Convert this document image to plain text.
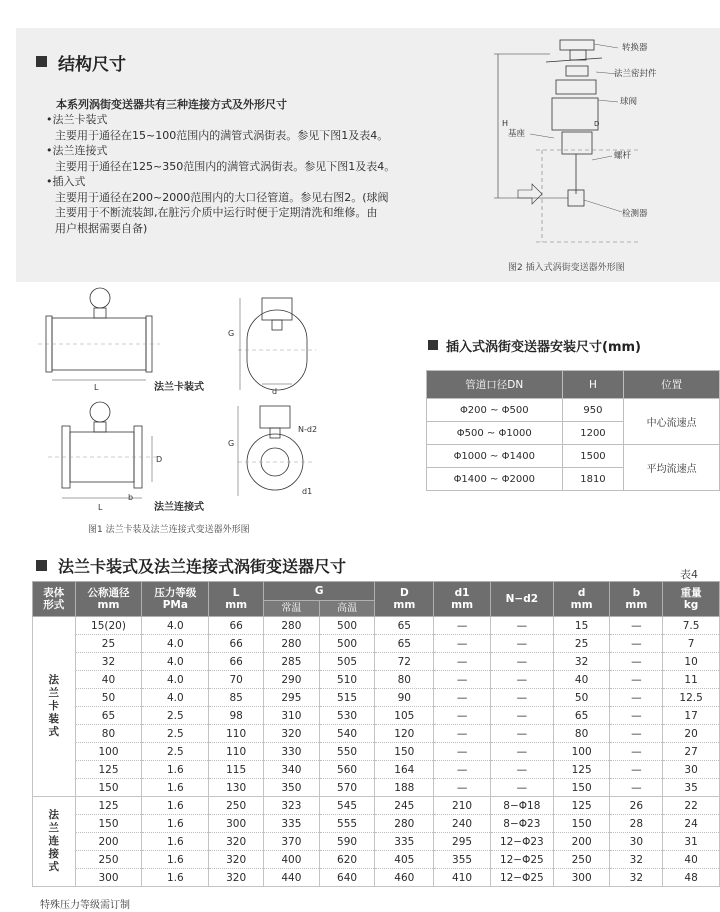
结构尺寸
本系列涡街变送器共有三种连接方式及外形尺寸
•法兰卡装式
主要用于通径在15~100范围内的满管式涡街表。参见下图1及表4。
•法兰连接式
主要用于通径在125~350范围内的满管式涡街表。参见下图1及表4。
•插入式
主要用于通径在200~2000范围内的大口径管道。参见右图2。(球阀
主要用于不断流装卸,在脏污介质中运行时便于定期清洗和维修。由
用户根据需要自备)
转换器
法兰密封件
球阀
基座
螺杆
检测器
H	D
图2 插入式涡街变送器外形图
L
G
d
法兰卡装式
L
D
b
N-d2
G
d1
法兰连接式
图1 法兰卡装及法兰连接式变送器外形图
插入式涡街变送器安装尺寸(mm)
管道口径DN	H	位置
Φ200 ~ Φ500	950	中心流速点
Φ500 ~ Φ1000	1200	
Φ1000 ~ Φ1400	1500	平均流速点
Φ1400 ~ Φ2000	1810	
法兰卡装式及法兰连接式涡街变送器尺寸	表4
表体形式	公称通径mm	压力等级PMa	L
mm	G		D
mm	d1
mm	N−d2	d
mm	b
mm	重量
kg
				常温	高温						
法兰卡装式	15(20)	4.0	66	280	500	65	—	—	15	—	7.5
	25	4.0	66	280	500	65	—	—	25	—	7
	32	4.0	66	285	505	72	—	—	32	—	10
	40	4.0	70	290	510	80	—	—	40	—	11
	50	4.0	85	295	515	90	—	—	50	—	12.5
	65	2.5	98	310	530	105	—	—	65	—	17
	80	2.5	110	320	540	120	—	—	80	—	20
	100	2.5	110	330	550	150	—	—	100	—	27
	125	1.6	115	340	560	164	—	—	125	—	30
	150	1.6	130	350	570	188	—	—	150	—	35
法兰连接式	125	1.6	250	323	545	245	210	8−Φ18	125	26	22
	150	1.6	300	335	555	280	240	8−Φ23	150	28	24
	200	1.6	320	370	590	335	295	12−Φ23	200	30	31
	250	1.6	320	400	620	405	355	12−Φ25	250	32	40
	300	1.6	320	440	640	460	410	12−Φ25	300	32	48
特殊压力等级需订制
